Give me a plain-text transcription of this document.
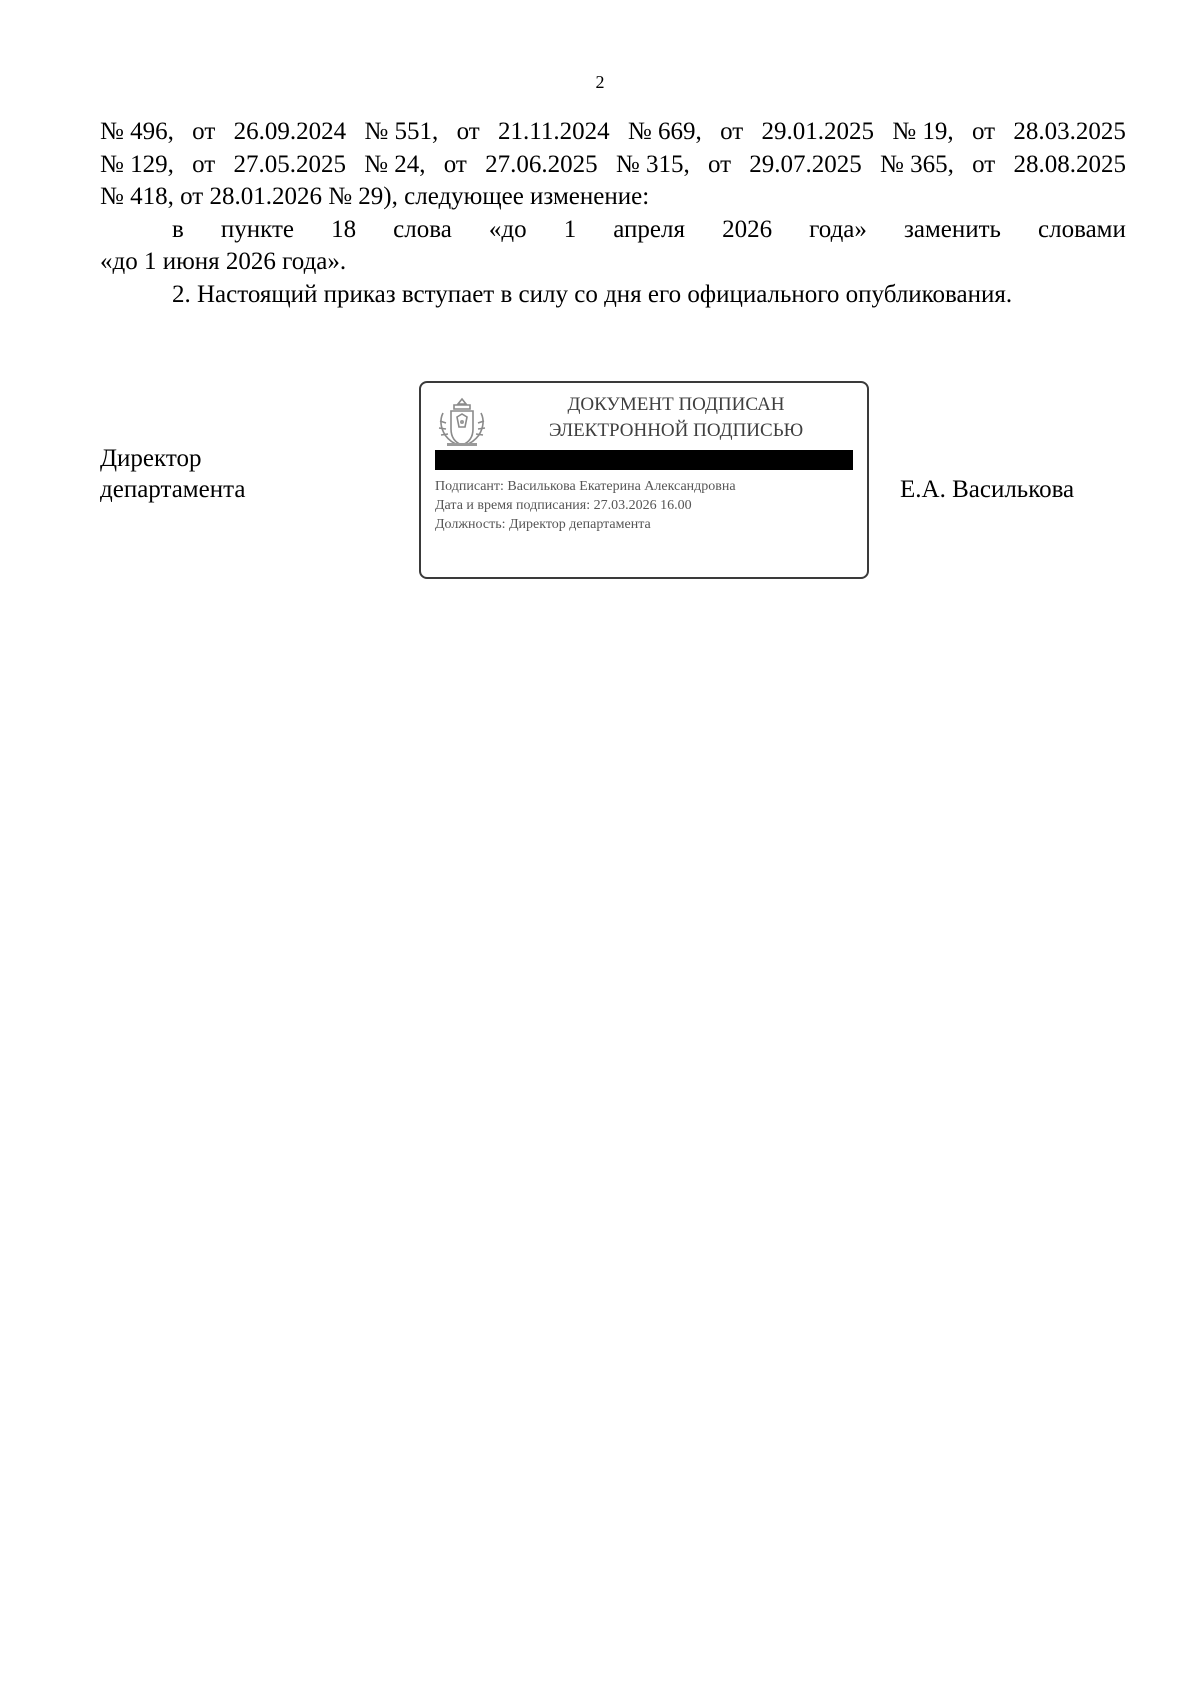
2
№ 496, от 26.09.2024 № 551, от 21.11.2024 № 669, от 29.01.2025 № 19, от 28.03.2025
№ 129, от 27.05.2025 № 24, от 27.06.2025 № 315, от 29.07.2025 № 365, от 28.08.2025
№ 418, от 28.01.2026 № 29), следующее изменение:
в пункте 18 слова «до 1 апреля 2026 года» заменить словами
«до 1 июня 2026 года».
2. Настоящий приказ вступает в силу со дня его официального опубликования.
Директор
департамента
ДОКУМЕНТ ПОДПИСАН
ЭЛЕКТРОННОЙ ПОДПИСЬЮ
Подписант: Василькова Екатерина Александровна
Дата и время подписания: 27.03.2026 16.00
Должность: Директор департамента
Е.А. Василькова
